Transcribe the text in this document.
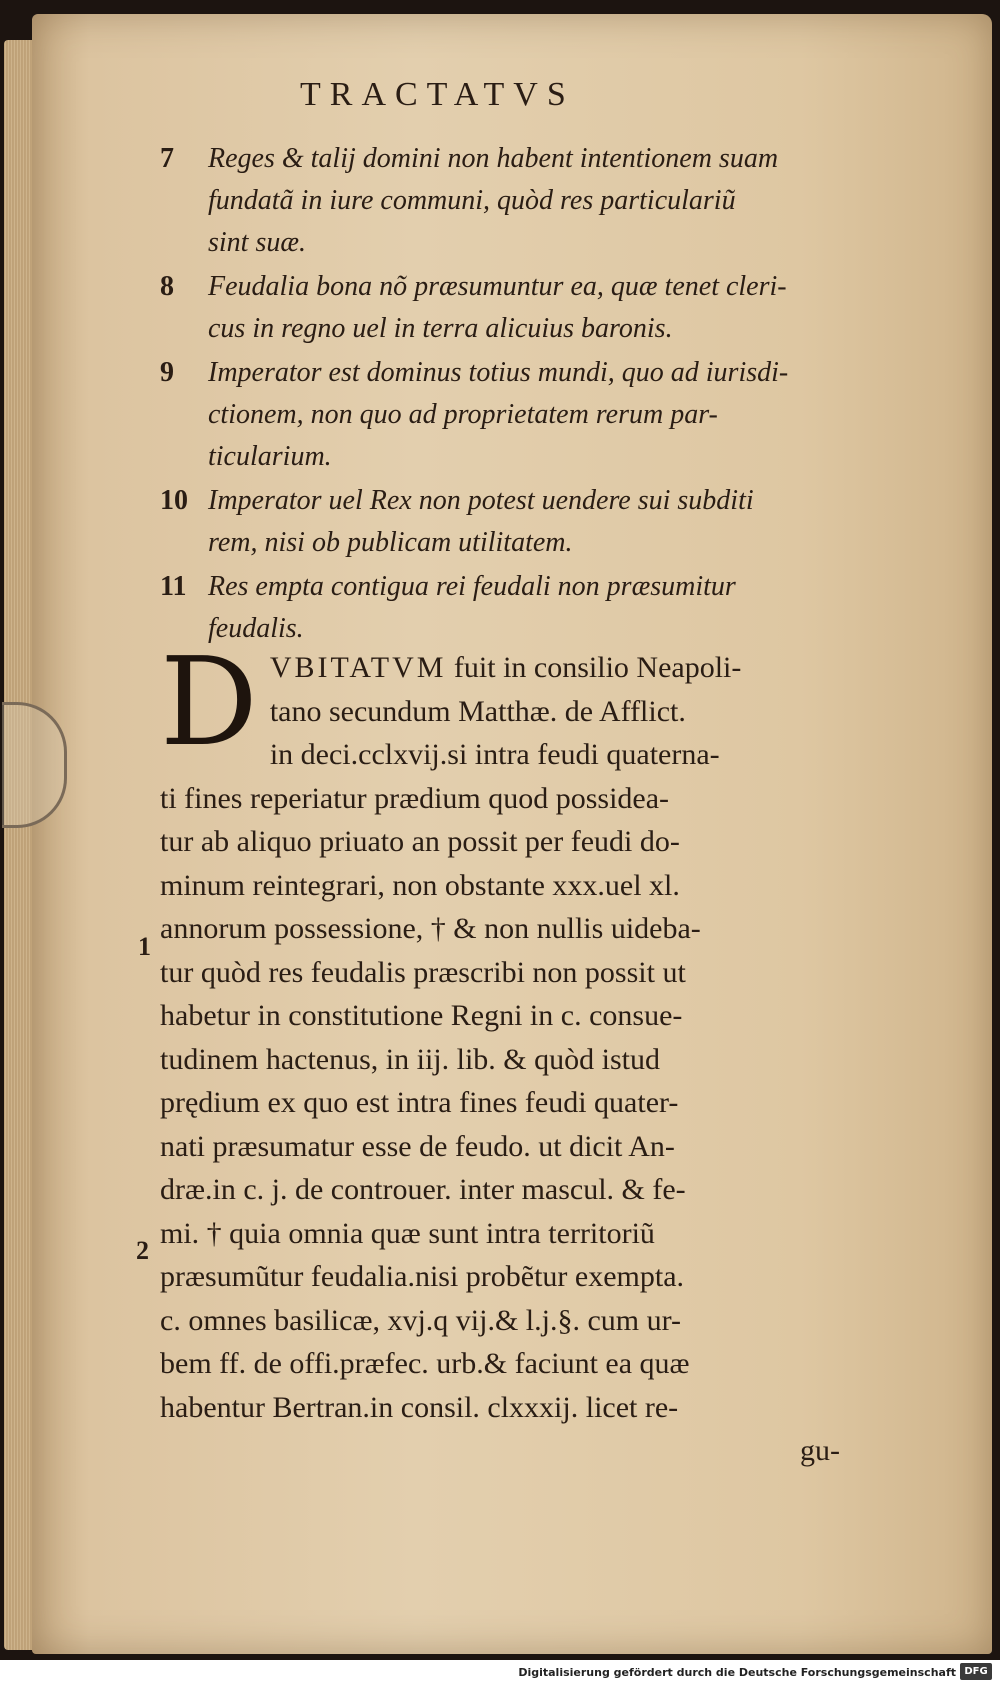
TRACTATVS
7 Reges & talij domini non habent intentionem suam
fundatã in iure communi, quòd res particulariũ
sint suæ.
8 Feudalia bona nõ præsumuntur ea, quæ tenet cleri-
cus in regno uel in terra alicuius baronis.
9 Imperator est dominus totius mundi, quo ad iurisdi-
ctionem, non quo ad proprietatem rerum par-
ticularium.
10 Imperator uel Rex non potest uendere sui subditi
rem, nisi ob publicam utilitatem.
11 Res empta contigua rei feudali non præsumitur
feudalis.
D VBITATVM fuit in consilio Neapoli-
tano secundum Matthæ. de Afflict.
in deci.cclxvij.si intra feudi quaterna-
ti fines reperiatur prædium quod possidea-
tur ab aliquo priuato an possit per feudi do-
minum reintegrari, non obstante xxx.uel xl.
annorum possessione, † & non nullis uideba-
tur quòd res feudalis præscribi non possit ut
habetur in constitutione Regni in c. consue-
tudinem hactenus, in iij. lib. & quòd istud
prędium ex quo est intra fines feudi quater-
nati præsumatur esse de feudo. ut dicit An-
dræ.in c. j. de controuer. inter mascul. & fe-
mi. † quia omnia quæ sunt intra territoriũ
præsumũtur feudalia.nisi probẽtur exempta.
c. omnes basilicæ, xvj.q vij.& l.j.§. cum ur-
bem ff. de offi.præfec. urb.& faciunt ea quæ
habentur Bertran.in consil. clxxxij. licet re-
gu-
1
2
Digitalisierung gefördert durch die Deutsche Forschungsgemeinschaft DFG
